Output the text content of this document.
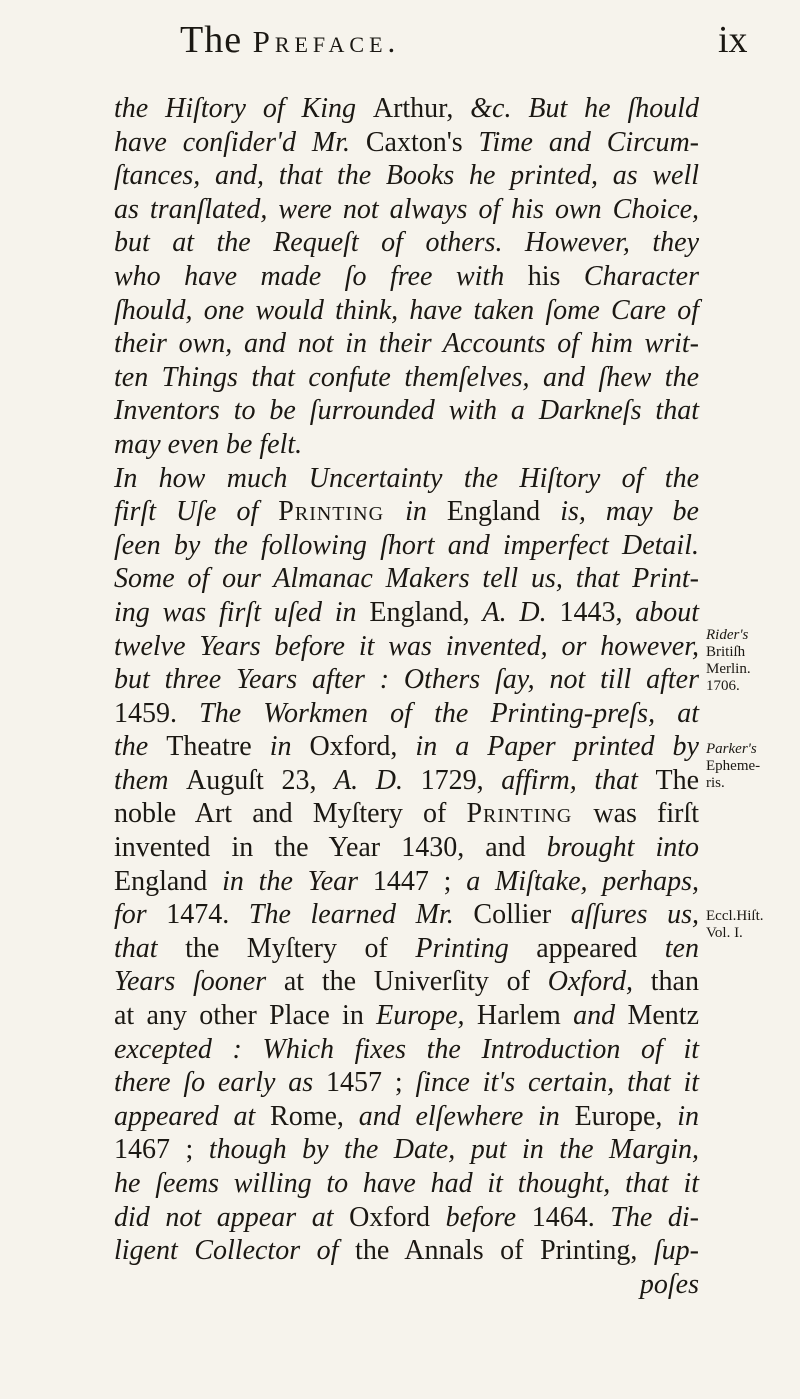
The Preface.	ix
the Hiſtory of King Arthur, &c. But he ſhould
have conſider'd Mr. Caxton's Time and Circum-
ſtances, and, that the Books he printed, as well
as tranſlated, were not always of his own Choice,
but at the Requeſt of others. However, they
who have made ſo free with his Character
ſhould, one would think, have taken ſome Care of
their own, and not in their Accounts of him writ-
ten Things that confute themſelves, and ſhew the
Inventors to be ſurrounded with a Darkneſs that
may even be felt.
In how much Uncertainty the Hiſtory of the
firſt Uſe of Printing in England is, may be
ſeen by the following ſhort and imperfect Detail.
Some of our Almanac Makers tell us, that Print-
ing was firſt uſed in England, A. D. 1443, about
twelve Years before it was invented, or however,
but three Years after : Others ſay, not till after
1459. The Workmen of the Printing-preſs, at
the Theatre in Oxford, in a Paper printed by
them Auguſt 23, A. D. 1729, affirm, that The
noble Art and Myſtery of Printing was firſt
invented in the Year 1430, and brought into
England in the Year 1447 ; a Miſtake, perhaps,
for 1474. The learned Mr. Collier aſſures us,
that the Myſtery of Printing appeared ten
Years ſooner at the Univerſity of Oxford, than
at any other Place in Europe, Harlem and Mentz
excepted : Which fixes the Introduction of it
there ſo early as 1457 ; ſince it's certain, that it
appeared at Rome, and elſewhere in Europe, in
1467 ; though by the Date, put in the Margin,
he ſeems willing to have had it thought, that it
did not appear at Oxford before 1464. The di-
ligent Collector of the Annals of Printing, ſup-
poſes
Rider's
Britiſh
Merlin.
1706.
Parker's
Epheme-
ris.
Eccl.Hiſt.
Vol. I.
